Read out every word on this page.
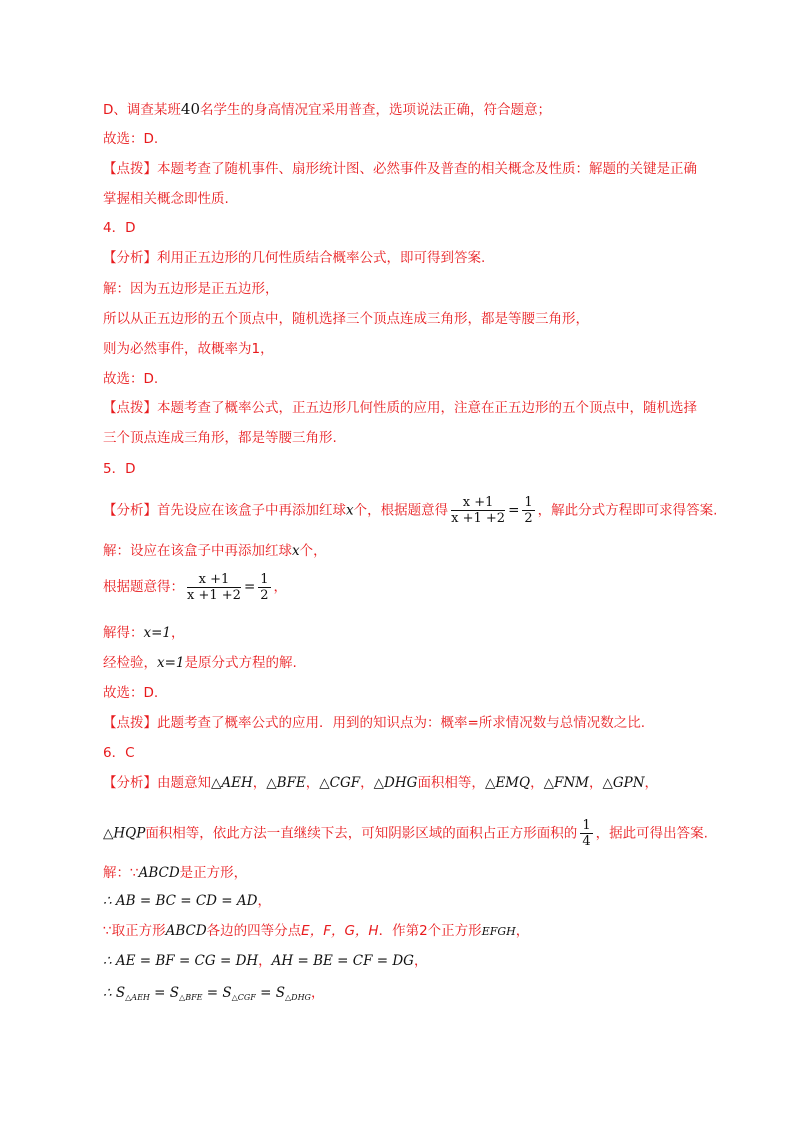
D、调查某班40名学生的身高情况宜采用普查，选项说法正确，符合题意；
故选：D.
【点拨】本题考查了随机事件、扇形统计图、必然事件及普查的相关概念及性质：解题的关键是正确
掌握相关概念即性质.
4．D
【分析】利用正五边形的几何性质结合概率公式，即可得到答案.
解：因为五边形是正五边形，
所以从正五边形的五个顶点中，随机选择三个顶点连成三角形，都是等腰三角形，
则为必然事件，故概率为1，
故选：D.
【点拨】本题考查了概率公式，正五边形几何性质的应用，注意在正五边形的五个顶点中，随机选择
三个顶点连成三角形，都是等腰三角形.
5．D
【分析】首先设应在该盒子中再添加红球x个，根据题意得 $\frac{x +1}{x +1 +2} = \frac{1}{2}$ ，解此分式方程即可求得答案.
解：设应在该盒子中再添加红球x个，
根据题意得： $\frac{x +1}{x +1 +2} = \frac{1}{2}$ ，
解得：x=1，
经检验，x=1是原分式方程的解.
故选：D.
【点拨】此题考查了概率公式的应用．用到的知识点为：概率=所求情况数与总情况数之比.
6．C
【分析】由题意知△AEH，△BFE，△CGF，△DHG面积相等，△EMQ，△FNM，△GPN，
△HQP面积相等，依此方法一直继续下去，可知阴影区域的面积占正方形面积的 $\frac{1}{4}$ ，据此可得出答案.
解：∵ABCD是正方形，
∴ AB = BC = CD = AD，
∵取正方形ABCD各边的四等分点E，F，G，H．作第2个正方形EFGH，
∴ AE = BF = CG = DH，AH = BE = CF = DG，
∴ $S_{\triangle AEH} = S_{\triangle BFE} = S_{\triangle CGF} = S_{\triangle DHG}$，
